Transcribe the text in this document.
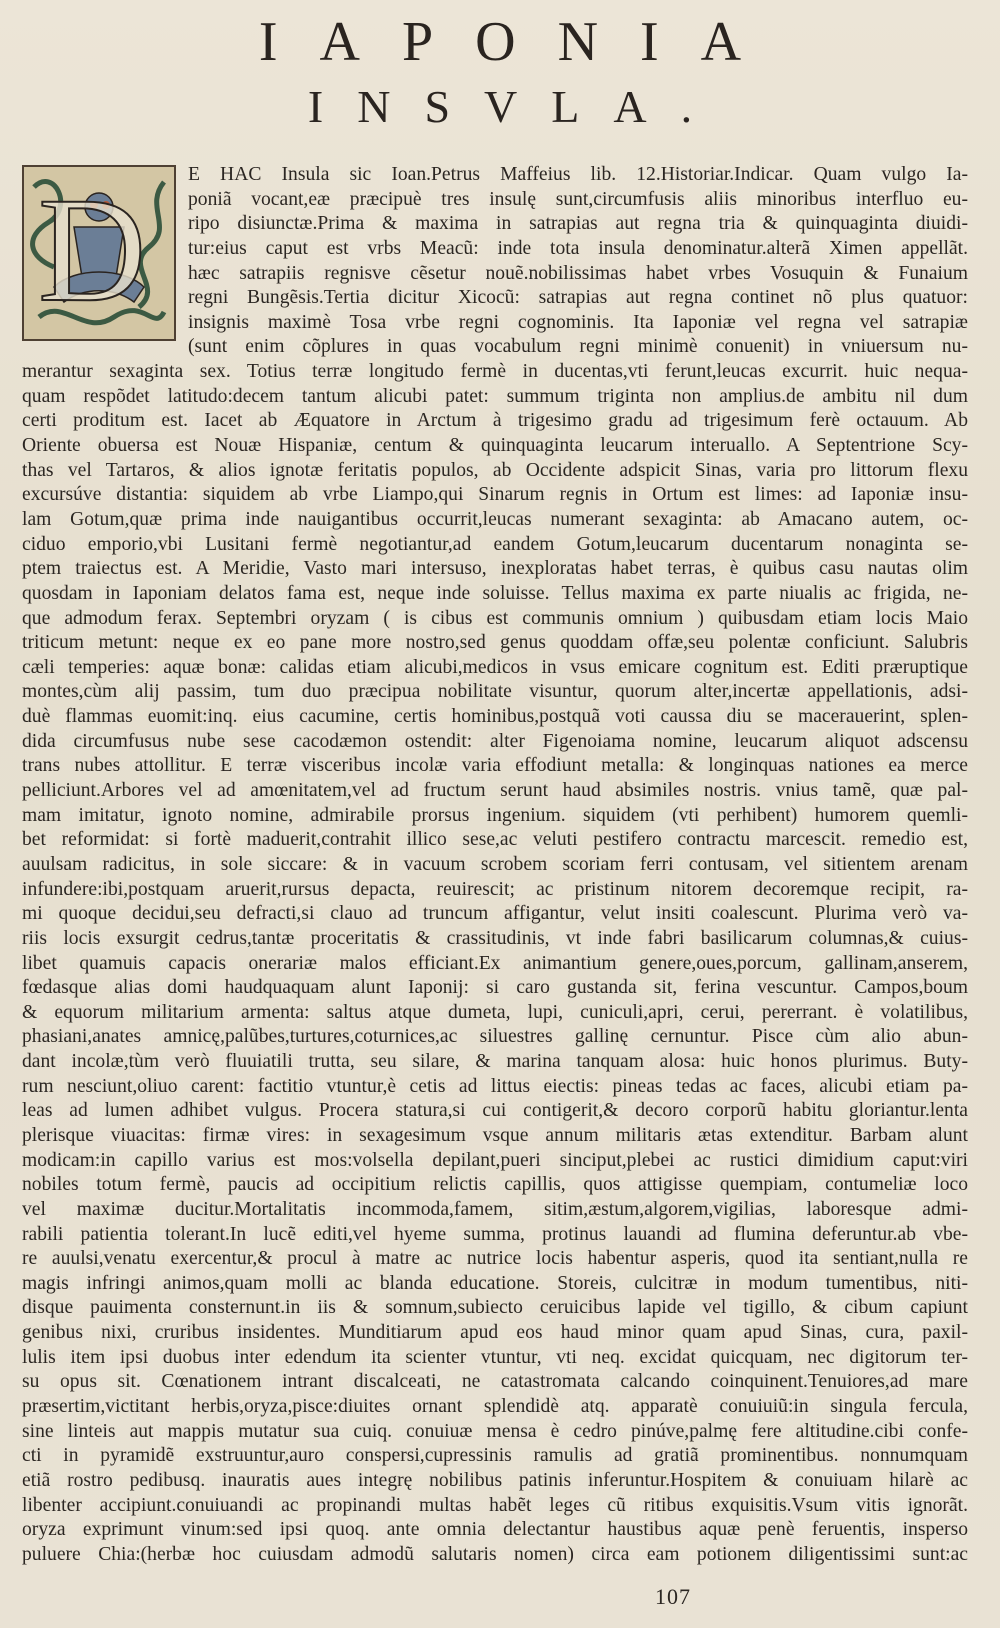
IAPONIA
INSVLA.
D	E HAC Insula sic Ioan.Petrus Maffeius lib. 12.Historiar.Indicar. Quam vulgo Ia-
poniã vocant,eæ præcipuè tres insulę sunt,circumfusis aliis minoribus interfluo eu-
ripo disiunctæ.Prima & maxima in satrapias aut regna tria & quinquaginta diuidi-
tur:eius caput est vrbs Meacũ: inde tota insula denominatur.alterã Ximen appellãt.
hæc satrapiis regnisve cẽsetur nouẽ.nobilissimas habet vrbes Vosuquin & Funaium
regni Bungẽsis.Tertia dicitur Xicocũ: satrapias aut regna continet nõ plus quatuor:
insignis maximè Tosa vrbe regni cognominis. Ita Iaponiæ vel regna vel satrapiæ
(sunt enim cõplures in quas vocabulum regni minimè conuenit) in vniuersum nu-
merantur sexaginta sex. Totius terræ longitudo fermè in ducentas,vti ferunt,leucas excurrit. huic nequa-
quam respõdet latitudo:decem tantum alicubi patet: summum triginta non amplius.de ambitu nil dum
certi proditum est. Iacet ab Æquatore in Arctum à trigesimo gradu ad trigesimum ferè octauum. Ab
Oriente obuersa est Nouæ Hispaniæ, centum & quinquaginta leucarum interuallo. A Septentrione Scy-
thas vel Tartaros, & alios ignotæ feritatis populos, ab Occidente adspicit Sinas, varia pro littorum flexu
excursúve distantia: siquidem ab vrbe Liampo,qui Sinarum regnis in Ortum est limes: ad Iaponiæ insu-
lam Gotum,quæ prima inde nauigantibus occurrit,leucas numerant sexaginta: ab Amacano autem, oc-
ciduo emporio,vbi Lusitani fermè negotiantur,ad eandem Gotum,leucarum ducentarum nonaginta se-
ptem traiectus est. A Meridie, Vasto mari intersuso, inexploratas habet terras, è quibus casu nautas olim
quosdam in Iaponiam delatos fama est, neque inde soluisse. Tellus maxima ex parte niualis ac frigida, ne-
que admodum ferax. Septembri oryzam ( is cibus est communis omnium ) quibusdam etiam locis Maio
triticum metunt: neque ex eo pane more nostro,sed genus quoddam offæ,seu polentæ conficiunt. Salubris
cæli temperies: aquæ bonæ: calidas etiam alicubi,medicos in vsus emicare cognitum est. Editi præruptique
montes,cùm alij passim, tum duo præcipua nobilitate visuntur, quorum alter,incertæ appellationis, adsi-
duè flammas euomit:inq. eius cacumine, certis hominibus,postquã voti caussa diu se macerauerint, splen-
dida circumfusus nube sese cacodæmon ostendit: alter Figenoiama nomine, leucarum aliquot adscensu
trans nubes attollitur. E terræ visceribus incolæ varia effodiunt metalla: & longinquas nationes ea merce
pelliciunt.Arbores vel ad amœnitatem,vel ad fructum serunt haud absimiles nostris. vnius tamẽ, quæ pal-
mam imitatur, ignoto nomine, admirabile prorsus ingenium. siquidem (vti perhibent) humorem quemli-
bet reformidat: si fortè maduerit,contrahit illico sese,ac veluti pestifero contractu marcescit. remedio est,
auulsam radicitus, in sole siccare: & in vacuum scrobem scoriam ferri contusam, vel sitientem arenam
infundere:ibi,postquam aruerit,rursus depacta, reuirescit; ac pristinum nitorem decoremque recipit, ra-
mi quoque decidui,seu defracti,si clauo ad truncum affigantur, velut insiti coalescunt. Plurima verò va-
riis locis exsurgit cedrus,tantæ proceritatis & crassitudinis, vt inde fabri basilicarum columnas,& cuius-
libet quamuis capacis onerariæ malos efficiant.Ex animantium genere,oues,porcum, gallinam,anserem,
fœdasque alias domi haudquaquam alunt Iaponij: si caro gustanda sit, ferina vescuntur. Campos,boum
& equorum militarium armenta: saltus atque dumeta, lupi, cuniculi,apri, cerui, pererrant. è volatilibus,
phasiani,anates amnicę,palũbes,turtures,coturnices,ac siluestres gallinę cernuntur. Pisce cùm alio abun-
dant incolæ,tùm verò fluuiatili trutta, seu silare, & marina tanquam alosa: huic honos plurimus. Buty-
rum nesciunt,oliuo carent: factitio vtuntur,è cetis ad littus eiectis: pineas tedas ac faces, alicubi etiam pa-
leas ad lumen adhibet vulgus. Procera statura,si cui contigerit,& decoro corporũ habitu gloriantur.lenta
plerisque viuacitas: firmæ vires: in sexagesimum vsque annum militaris ætas extenditur. Barbam alunt
modicam:in capillo varius est mos:volsella depilant,pueri sinciput,plebei ac rustici dimidium caput:viri
nobiles totum fermè, paucis ad occipitium relictis capillis, quos attigisse quempiam, contumeliæ loco
vel maximæ ducitur.Mortalitatis incommoda,famem, sitim,æstum,algorem,vigilias, laboresque admi-
rabili patientia tolerant.In lucẽ editi,vel hyeme summa, protinus lauandi ad flumina deferuntur.ab vbe-
re auulsi,venatu exercentur,& procul à matre ac nutrice locis habentur asperis, quod ita sentiant,nulla re
magis infringi animos,quam molli ac blanda educatione. Storeis, culcitræ in modum tumentibus, niti-
disque pauimenta consternunt.in iis & somnum,subiecto ceruicibus lapide vel tigillo, & cibum capiunt
genibus nixi, cruribus insidentes. Munditiarum apud eos haud minor quam apud Sinas, cura, paxil-
lulis item ipsi duobus inter edendum ita scienter vtuntur, vti neq. excidat quicquam, nec digitorum ter-
su opus sit. Cœnationem intrant discalceati, ne catastromata calcando coinquinent.Tenuiores,ad mare
præsertim,victitant herbis,oryza,pisce:diuites ornant splendidè atq. apparatè conuiuiũ:in singula fercula,
sine linteis aut mappis mutatur sua cuiq. conuiuæ mensa è cedro pinúve,palmę fere altitudine.cibi confe-
cti in pyramidẽ exstruuntur,auro conspersi,cupressinis ramulis ad gratiã prominentibus. nonnumquam
etiã rostro pedibusq. inauratis aues integrę nobilibus patinis inferuntur.Hospitem & conuiuam hilarè ac
libenter accipiunt.conuiuandi ac propinandi multas habẽt leges cũ ritibus exquisitis.Vsum vitis ignorãt.
oryza exprimunt vinum:sed ipsi quoq. ante omnia delectantur haustibus aquæ penè feruentis, insperso
puluere Chia:(herbæ hoc cuiusdam admodũ salutaris nomen) circa eam potionem diligentissimi sunt:ac
107
